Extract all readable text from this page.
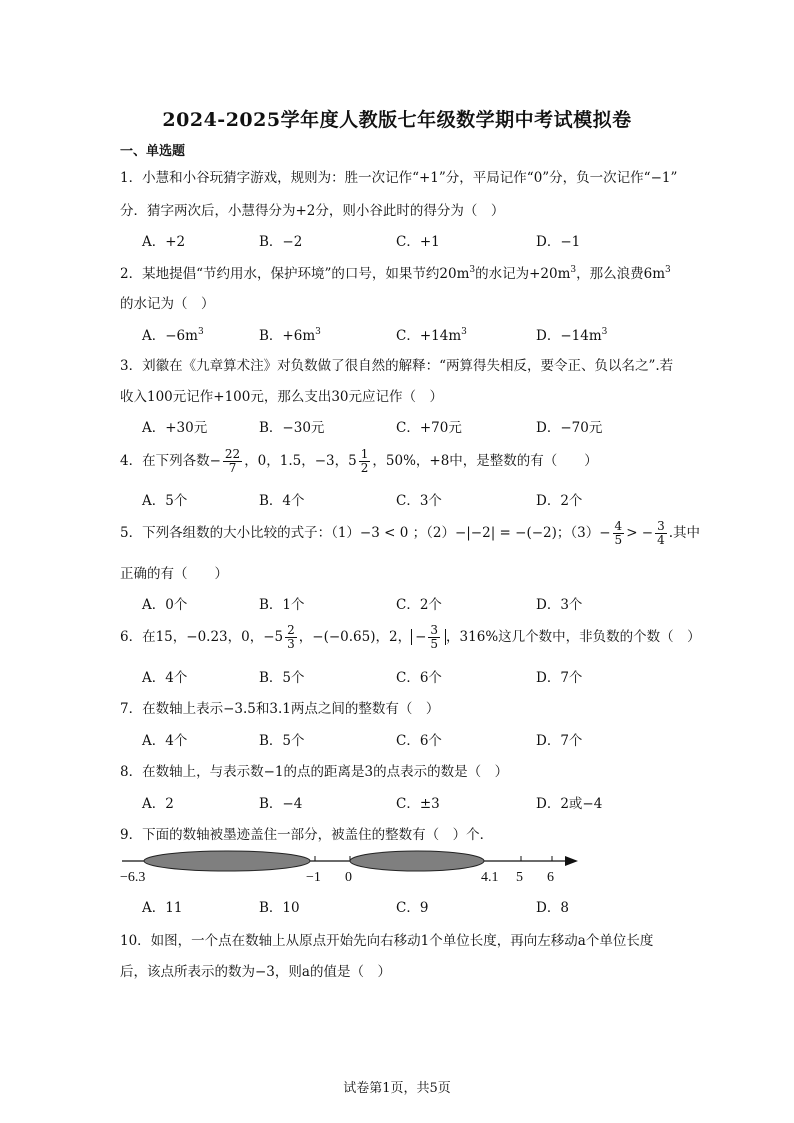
2024-2025学年度人教版七年级数学期中考试模拟卷
一、单选题
1．小慧和小谷玩猜字游戏，规则为：胜一次记作“+1”分，平局记作“0”分，负一次记作“−1”
分．猜字两次后，小慧得分为+2分，则小谷此时的得分为（　）
A．+2	B．−2	C．+1	D．−1
2．某地提倡“节约用水，保护环境”的口号，如果节约$20m^3$的水记为$+20m^3$，那么浪费$6m^3$
的水记为（　）
A．$-6m^3$	B．$+6m^3$	C．$+14m^3$	D．$-14m^3$
3．刘徽在《九章算术注》对负数做了很自然的解释：“两算得失相反，要令正、负以名之”.若
收入100元记作+100元，那么支出30元应记作（　）
A．+30元	B．−30元	C．+70元	D．−70元
4．在下列各数− $\frac{22}{7}$ ，0，1.5，−3，$5 \frac{1}{2}$ ，50%，+8中，是整数的有（　　）
A．5个	B．4个	C．3个	D．2个
5．下列各组数的大小比较的式子：（1）−3 < 0 ；（2）−|−2| = −(−2)；$(3)- \frac{4}{5}$ > − $\frac{3}{4}$ .其中
正确的有（　　）
A．0个	B．1个	C．2个	D．3个
6．在15，−0.23，0，$-5 \frac{2}{3}$ ，−(−0.65)，2， − $\frac{3}{5}$ ，316%这几个数中，非负数的个数（　）
A．4个	B．5个	C．6个	D．7个
7．在数轴上表示−3.5和3.1两点之间的整数有（　）
A．4个	B．5个	C．6个	D．7个
8．在数轴上，与表示数−1的点的距离是3的点表示的数是（　）
A．2	B．−4	C．±3	D．2或−4
9．下面的数轴被墨迹盖住一部分，被盖住的整数有（　）个．
−6.3	−1 0	4.1 5 6
A．11	B．10	C．9	D．8
10．如图，一个点在数轴上从原点开始先向右移动1个单位长度，再向左移动a个单位长度
后，该点所表示的数为−3，则a的值是（　）
试卷第1页，共5页
